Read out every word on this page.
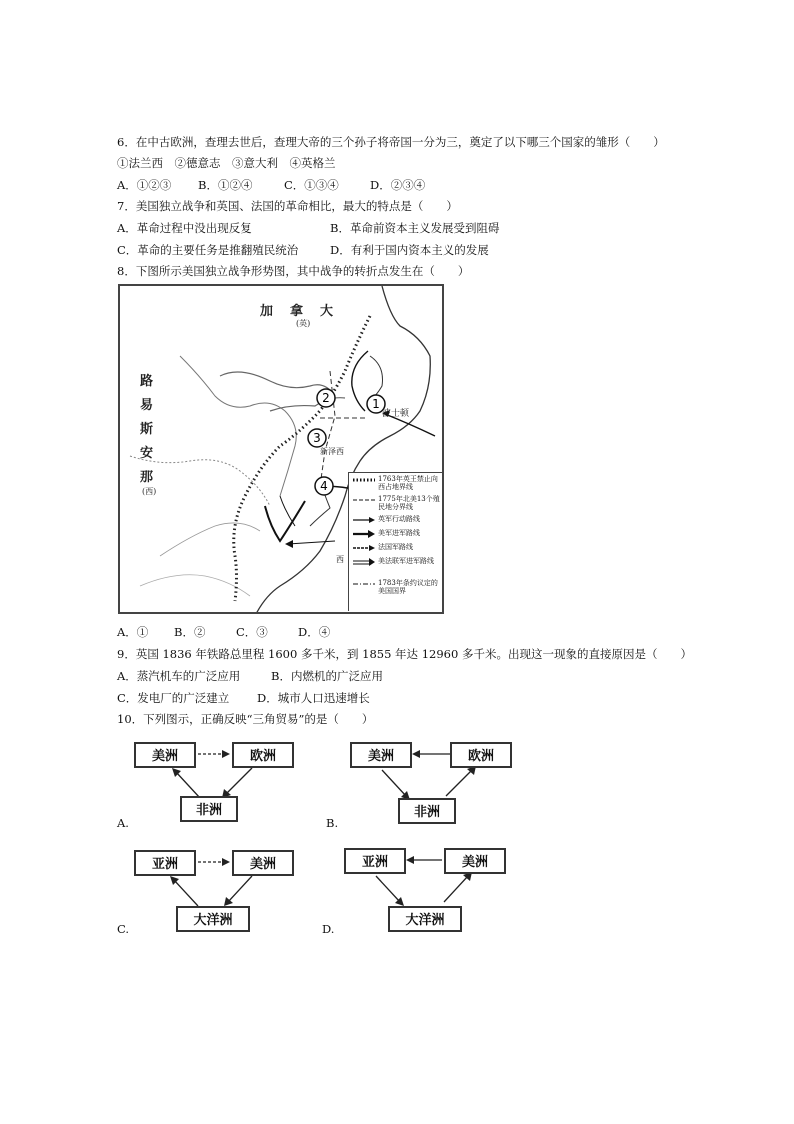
6．在中古欧洲，查理去世后，查理大帝的三个孙子将帝国一分为三，奠定了以下哪三个国家的雏形（　　）
①法兰西　②德意志　③意大利　④英格兰
A．①②③ B．①②④	C．①③④	D．②③④
7．美国独立战争和英国、法国的革命相比，最大的特点是（　　）
A．革命过程中没出现反复	B．革命前资本主义发展受到阻碍
C．革命的主要任务是推翻殖民统治	D．有利于国内资本主义的发展
8．下图所示美国独立战争形势图，其中战争的转折点发生在（　　）
1
2
3
4
加　拿　大
(英)
路
易
斯
安
那
(西)
波士顿
新泽西
西
1763年英王禁止向西占地界线
1775年北美13个殖民地分界线
英军行动路线
美军进军路线
法国军路线
美法联军进军路线
1783年条约议定的美国国界
A．① B．②	C．③	D．④
9．英国 1836 年铁路总里程 1600 多千米，到 1855 年达 12960 多千米。出现这一现象的直接原因是（　　）
A．蒸汽机车的广泛应用	B．内燃机的广泛应用
C．发电厂的广泛建立 D．城市人口迅速增长
10．下列图示，正确反映“三角贸易”的是（　　）
A.
美洲	欧洲
非洲
B.
美洲	欧洲
非洲
C.
亚洲	美洲
大洋洲
D.
亚洲	美洲
大洋洲
